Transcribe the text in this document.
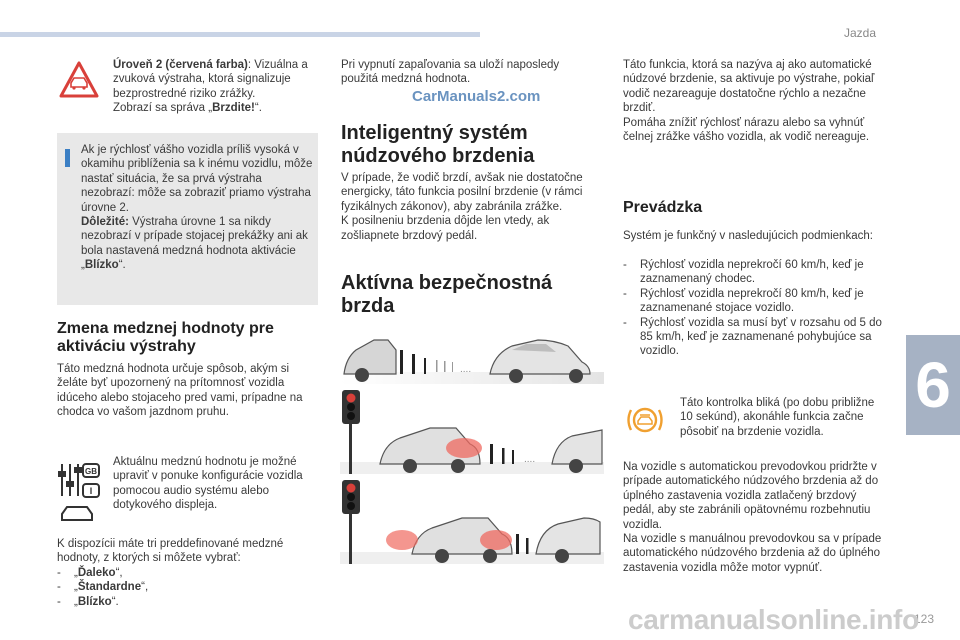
Jazda
6
123
CarManuals2.com
carmanualsonline.info

Úroveň 2 (červená farba): Vizuálna a zvuková výstraha, ktorá signalizuje bezprostredné riziko zrážky.
Zobrazí sa správa „Brzdite!“.

Ak je rýchlosť vášho vozidla príliš vysoká v okamihu priblíženia sa k inému vozidlu, môže nastať situácia, že sa prvá výstraha nezobrazí: môže sa zobraziť priamo výstraha úrovne 2.
Dôležité: Výstraha úrovne 1 sa nikdy nezobrazí v prípade stojacej prekážky ani ak bola nastavená medzná hodnota aktivácie „Blízko“.

Zmena medznej hodnoty pre aktiváciu výstrahy

Táto medzná hodnota určuje spôsob, akým si želáte byť upozornený na prítomnosť vozidla idúceho alebo stojaceho pred vami, prípadne na chodca vo vašom jazdnom pruhu.

GB
I

Aktuálnu medznú hodnotu je možné upraviť v ponuke konfigurácie vozidla pomocou audio systému alebo dotykového displeja.

K dispozícii máte tri preddefinované medzné hodnoty, z ktorých si môžete vybrať:

- „Ďaleko“,
- „Štandardne“,
- „Blízko“.

Pri vypnutí zapaľovania sa uloží naposledy použitá medzná hodnota.

Inteligentný systém núdzového brzdenia

V prípade, že vodič brzdí, avšak nie dostatočne energicky, táto funkcia posilní brzdenie (v rámci fyzikálnych zákonov), aby zabránila zrážke.
K posilneniu brzdenia dôjde len vtedy, ak zošliapnete brzdový pedál.

Aktívna bezpečnostná brzda

....
....

Táto funkcia, ktorá sa nazýva aj ako automatické núdzové brzdenie, sa aktivuje po výstrahe, pokiaľ vodič nezareaguje dostatočne rýchlo a nezačne brzdiť.
Pomáha znížiť rýchlosť nárazu alebo sa vyhnúť čelnej zrážke vášho vozidla, ak vodič nereaguje.

Prevádzka

Systém je funkčný v nasledujúcich podmienkach:

- Rýchlosť vozidla neprekročí 60 km/h, keď je zaznamenaný chodec.
- Rýchlosť vozidla neprekročí 80 km/h, keď je zaznamenané stojace vozidlo.
- Rýchlosť vozidla sa musí byť v rozsahu od 5 do 85 km/h, keď je zaznamenané pohybujúce sa vozidlo.

Táto kontrolka bliká (po dobu približne 10 sekúnd), akonáhle funkcia začne pôsobiť na brzdenie vozidla.

Na vozidle s automatickou prevodovkou pridržte v prípade automatického núdzového brzdenia až do úplného zastavenia vozidla zatlačený brzdový pedál, aby ste zabránili opätovnému rozbehnutiu vozidla.
Na vozidle s manuálnou prevodovkou sa v prípade automatického núdzového brzdenia až do úplného zastavenia vozidla môže motor vypnúť.
